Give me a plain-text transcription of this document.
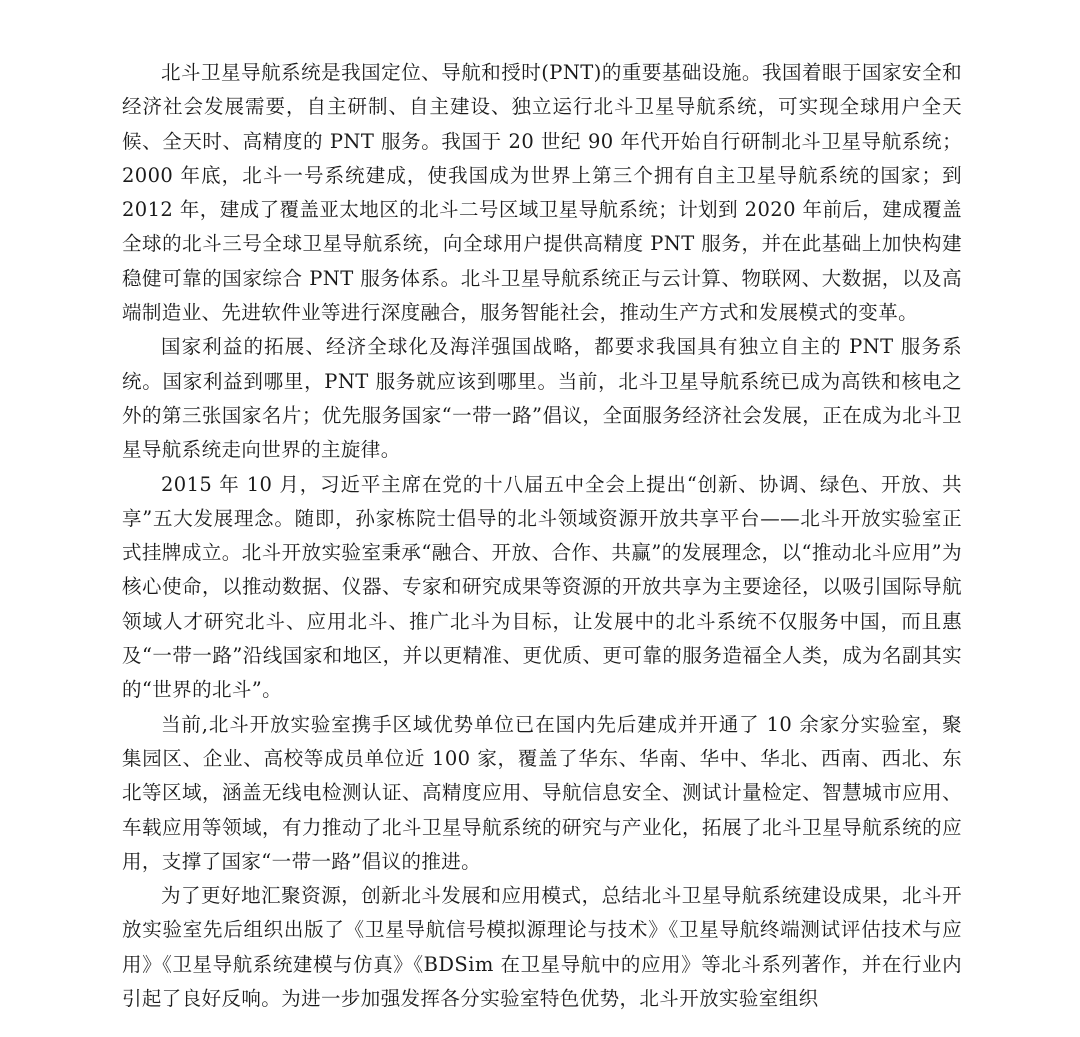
北斗卫星导航系统是我国定位、导航和授时(PNT)的重要基础设施。我国着眼于国家安全和经济社会发展需要，自主研制、自主建设、独立运行北斗卫星导航系统，可实现全球用户全天候、全天时、高精度的 PNT 服务。我国于 20 世纪 90 年代开始自行研制北斗卫星导航系统；2000 年底，北斗一号系统建成，使我国成为世界上第三个拥有自主卫星导航系统的国家；到 2012 年，建成了覆盖亚太地区的北斗二号区域卫星导航系统；计划到 2020 年前后，建成覆盖全球的北斗三号全球卫星导航系统，向全球用户提供高精度 PNT 服务，并在此基础上加快构建稳健可靠的国家综合 PNT 服务体系。北斗卫星导航系统正与云计算、物联网、大数据，以及高端制造业、先进软件业等进行深度融合，服务智能社会，推动生产方式和发展模式的变革。

国家利益的拓展、经济全球化及海洋强国战略，都要求我国具有独立自主的 PNT 服务系统。国家利益到哪里，PNT 服务就应该到哪里。当前，北斗卫星导航系统已成为高铁和核电之外的第三张国家名片；优先服务国家“一带一路”倡议，全面服务经济社会发展，正在成为北斗卫星导航系统走向世界的主旋律。

2015 年 10 月，习近平主席在党的十八届五中全会上提出“创新、协调、绿色、开放、共享”五大发展理念。随即，孙家栋院士倡导的北斗领域资源开放共享平台——北斗开放实验室正式挂牌成立。北斗开放实验室秉承“融合、开放、合作、共赢”的发展理念，以“推动北斗应用”为核心使命，以推动数据、仪器、专家和研究成果等资源的开放共享为主要途径，以吸引国际导航领域人才研究北斗、应用北斗、推广北斗为目标，让发展中的北斗系统不仅服务中国，而且惠及“一带一路”沿线国家和地区，并以更精准、更优质、更可靠的服务造福全人类，成为名副其实的“世界的北斗”。

当前,北斗开放实验室携手区域优势单位已在国内先后建成并开通了 10 余家分实验室，聚集园区、企业、高校等成员单位近 100 家，覆盖了华东、华南、华中、华北、西南、西北、东北等区域，涵盖无线电检测认证、高精度应用、导航信息安全、测试计量检定、智慧城市应用、车载应用等领域，有力推动了北斗卫星导航系统的研究与产业化，拓展了北斗卫星导航系统的应用，支撑了国家“一带一路”倡议的推进。

为了更好地汇聚资源，创新北斗发展和应用模式，总结北斗卫星导航系统建设成果，北斗开放实验室先后组织出版了《卫星导航信号模拟源理论与技术》《卫星导航终端测试评估技术与应用》《卫星导航系统建模与仿真》《BDSim 在卫星导航中的应用》等北斗系列著作，并在行业内引起了良好反响。为进一步加强发挥各分实验室特色优势，北斗开放实验室组织
